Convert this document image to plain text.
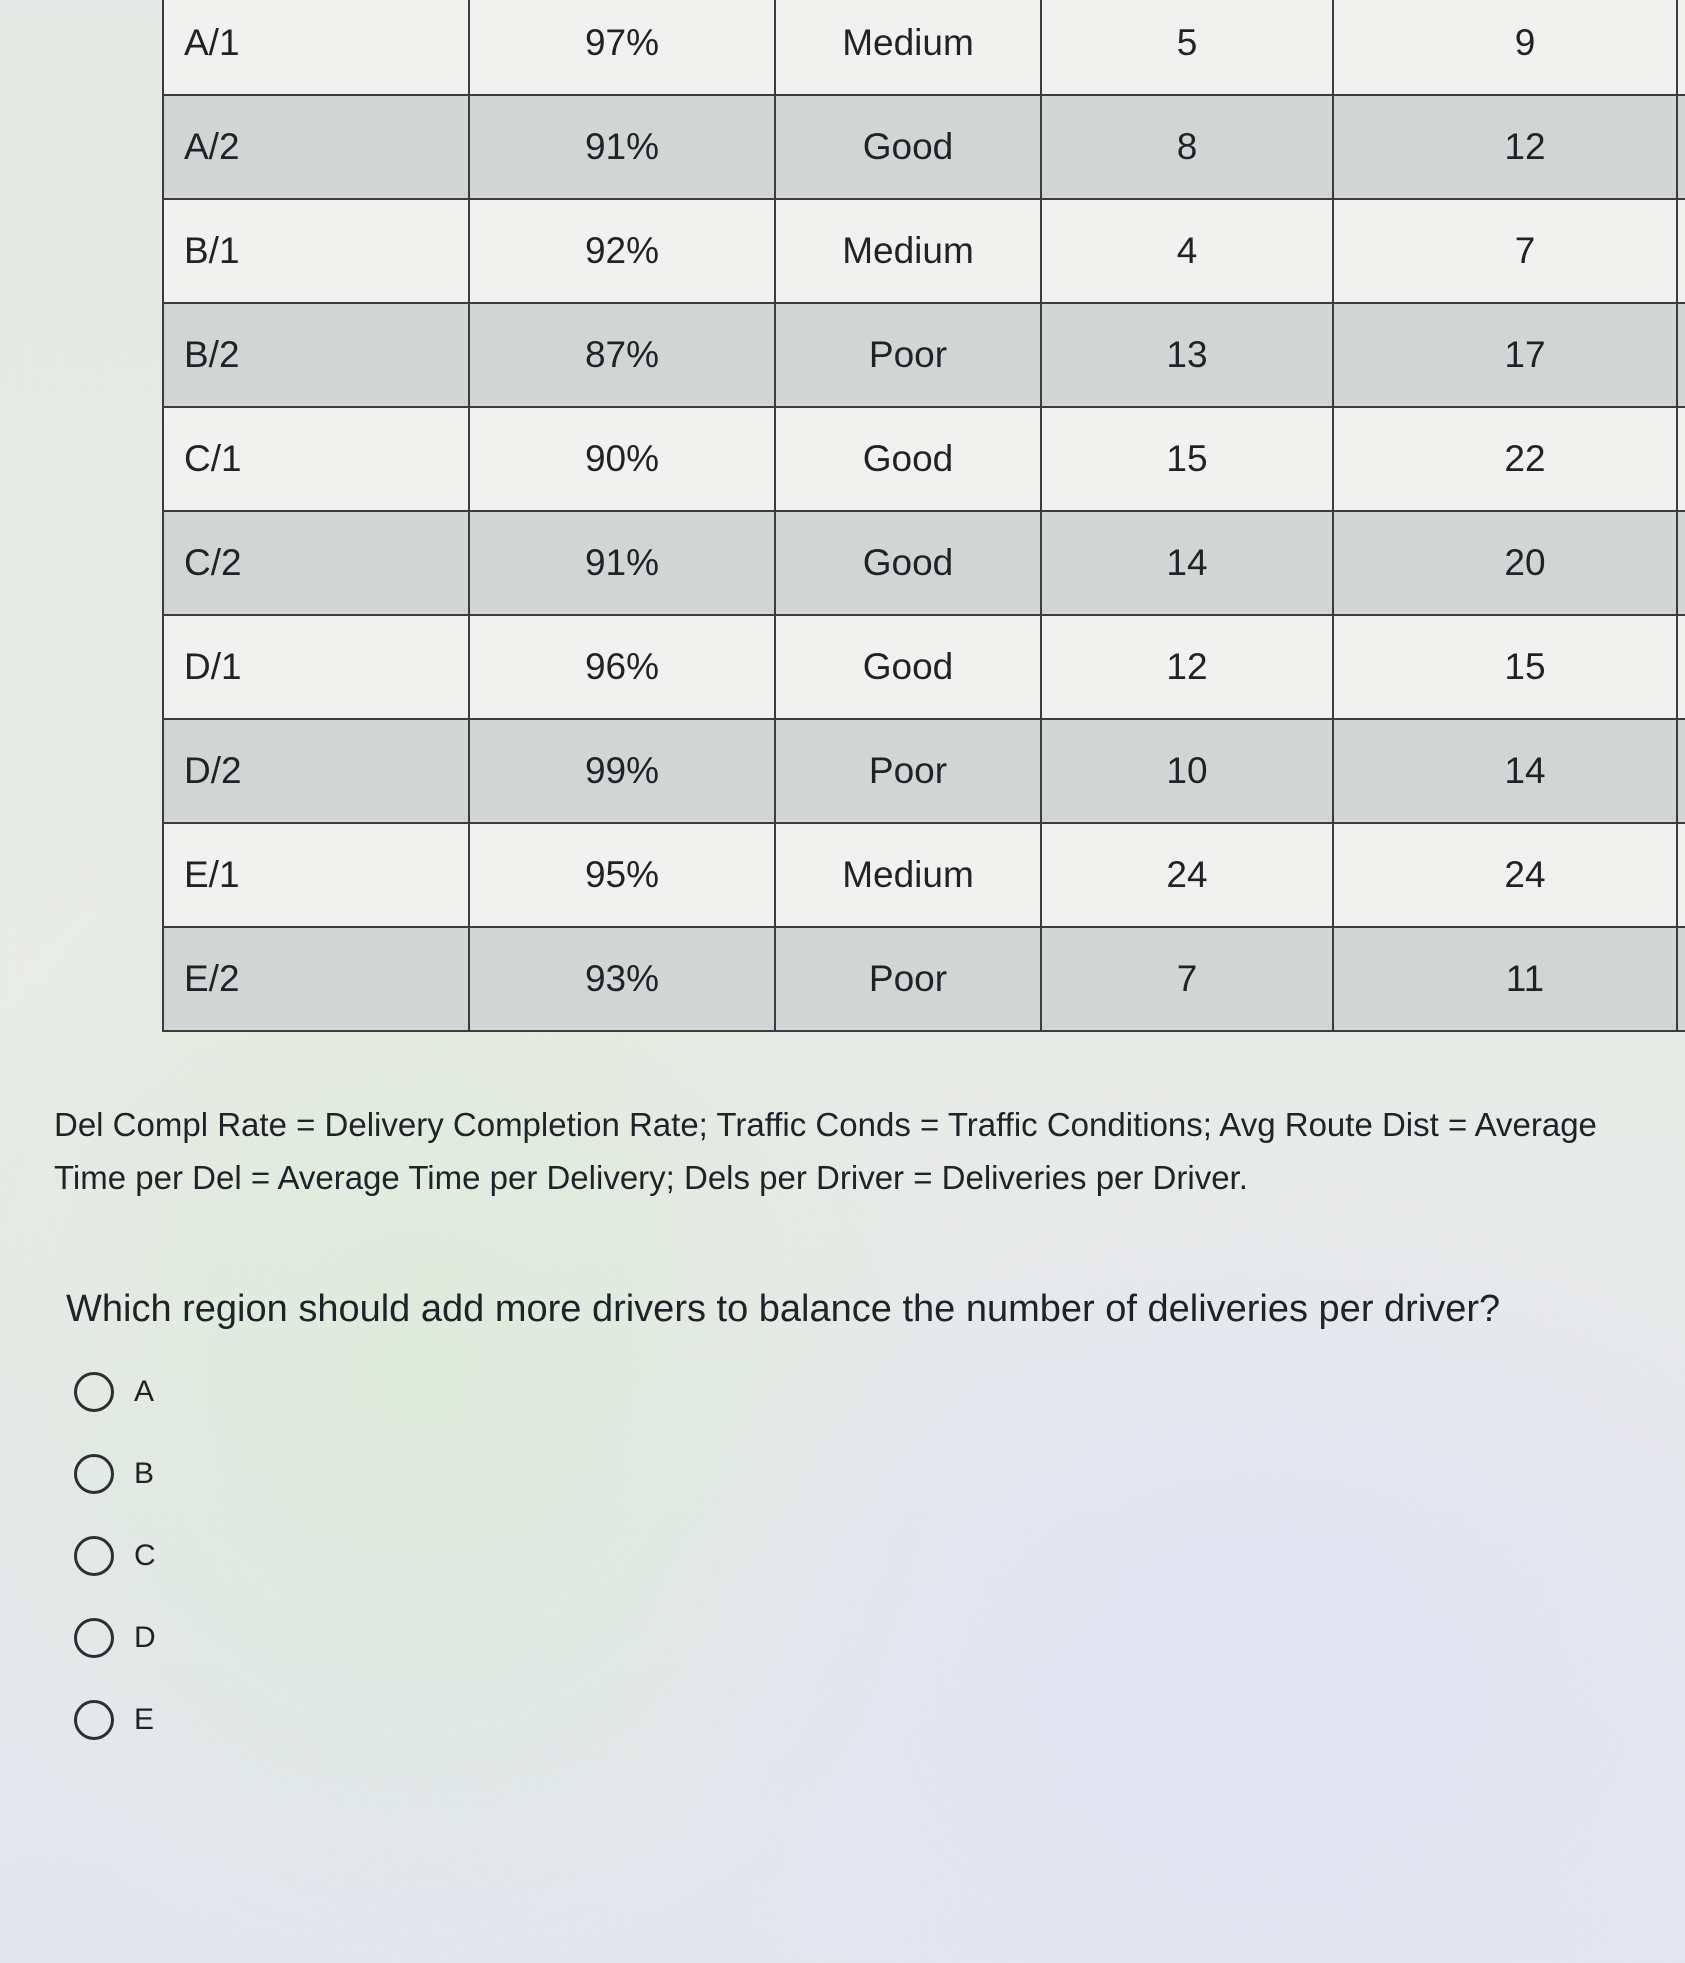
A/1	97%	Medium	5	9	
A/2	91%	Good	8	12	
B/1	92%	Medium	4	7	
B/2	87%	Poor	13	17	
C/1	90%	Good	15	22	
C/2	91%	Good	14	20	
D/1	96%	Good	12	15	
D/2	99%	Poor	10	14	
E/1	95%	Medium	24	24	
E/2	93%	Poor	7	11	
Del Compl Rate = Delivery Completion Rate; Traffic Conds = Traffic Conditions; Avg Route Dist = Average
Time per Del = Average Time per Delivery; Dels per Driver = Deliveries per Driver.
Which region should add more drivers to balance the number of deliveries per driver?
A
B
C
D
E
